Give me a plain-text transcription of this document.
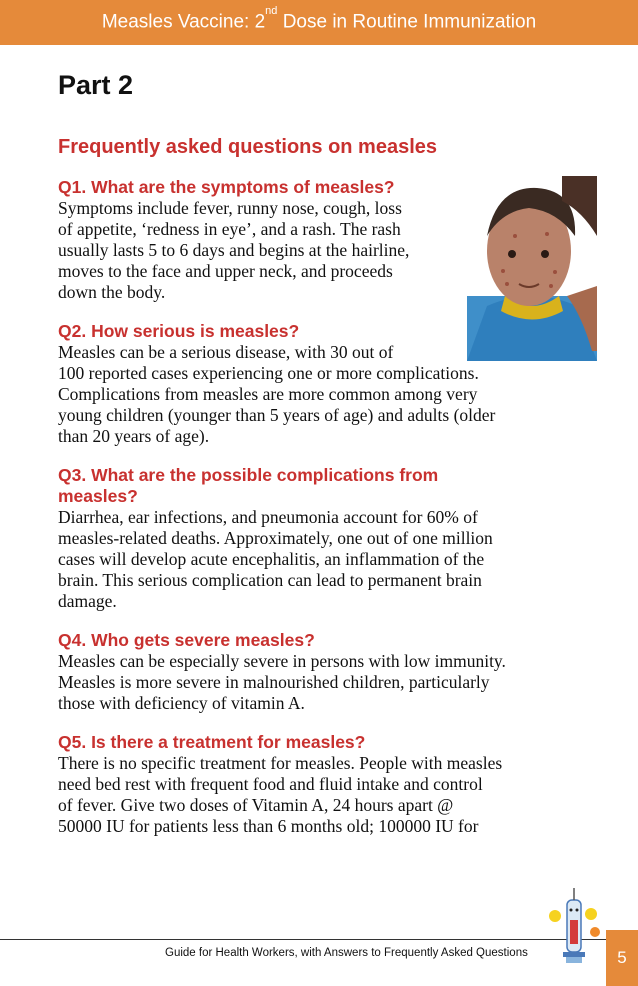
Measles Vaccine: 2nd Dose in Routine Immunization
Part 2
Frequently asked questions on measles
Q1. What are the symptoms of measles?

Symptoms include fever, runny nose, cough, loss
of appetite, ‘redness in eye’, and a rash. The rash
usually lasts 5 to 6 days and begins at the hairline,
moves to the face and upper neck, and proceeds
down the body.

Q2. How serious is measles?

Measles can be a serious disease, with 30 out of
100 reported cases experiencing one or more complications.
Complications from measles are more common among very
young children (younger than 5 years of age) and adults (older
than 20 years of age).

Q3. What are the possible complications from measles?

Diarrhea, ear infections, and pneumonia account for 60% of
measles-related deaths. Approximately, one out of one million
cases will develop acute encephalitis, an inflammation of the
brain. This serious complication can lead to permanent brain
damage.

Q4. Who gets severe measles?

Measles can be especially severe in persons with low immunity.
Measles is more severe in malnourished children, particularly
those with deficiency of vitamin A.

Q5. Is there a treatment for measles?

There is no specific treatment for measles. People with measles
need bed rest with frequent food and fluid intake and control
of fever. Give two doses of Vitamin A, 24 hours apart @
50000 IU for patients less than 6 months old; 100000 IU for

Guide for Health Workers, with Answers to Frequently Asked Questions	5
